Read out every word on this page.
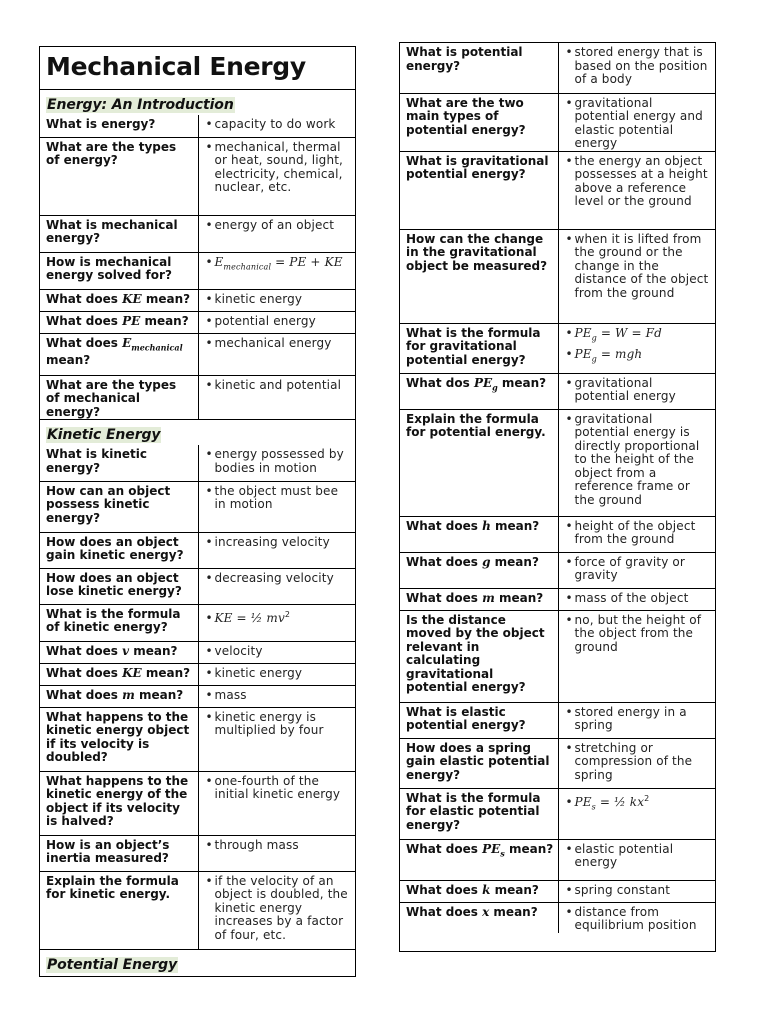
Mechanical Energy
Energy: An Introduction
What is energy?	• capacity to do work

What are the types of energy?	• mechanical, thermal or heat, sound, light, electricity, chemical, nuclear, etc.

What is mechanical energy?	• energy of an object

How is mechanical energy solved for?	• $E_{mechanical}$ = PE + KE

What does KE mean?	• kinetic energy

What does PE mean?	• potential energy

What does $E_{mechanical}$ mean?	• mechanical energy

What are the types of mechanical energy?	• kinetic and potential
Kinetic Energy
What is kinetic energy?	• energy possessed by bodies in motion

How can an object possess kinetic energy?	• the object must bee in motion

How does an object gain kinetic energy?	• increasing velocity

How does an object lose kinetic energy?	• decreasing velocity

What is the formula of kinetic energy?	• KE = ½ $mv^2$

What does v mean?	• velocity

What does KE mean?	• kinetic energy

What does m mean?	• mass

What happens to the kinetic energy object if its velocity is doubled?	• kinetic energy is multiplied by four

What happens to the kinetic energy of the object if its velocity is halved?	• one-fourth of the initial kinetic energy

How is an object’s inertia measured?	• through mass

Explain the formula for kinetic energy.	• if the velocity of an object is doubled, the kinetic energy increases by a factor of four, etc.
Potential Energy
What is potential energy?	• stored energy that is based on the position of a body

What are the two main types of potential energy?	• gravitational potential energy and elastic potential energy

What is gravitational potential energy?	• the energy an object possesses at a height above a reference level or the ground

How can the change in the gravitational object be measured?	• when it is lifted from the ground or the change in the distance of the object from the ground

What is the formula for gravitational potential energy?	• $PE_g = W = Fd$
• $PE_g$ = mgh

What dos $PE_g$ mean?	• gravitational potential energy

Explain the formula for potential energy.	• gravitational potential energy is directly proportional to the height of the object from a reference frame or the ground

What does h mean?	• height of the object from the ground

What does g mean?	• force of gravity or gravity

What does m mean?	• mass of the object

Is the distance moved by the object relevant in calculating gravitational potential energy?	• no, but the height of the object from the ground

What is elastic potential energy?	• stored energy in a spring

How does a spring gain elastic potential energy?	• stretching or compression of the spring

What is the formula for elastic potential energy?	• $PE_s$ = ½ $kx^2$

What does $PE_s$ mean?	• elastic potential energy

What does k mean?	• spring constant

What does x mean?	• distance from equilibrium position
